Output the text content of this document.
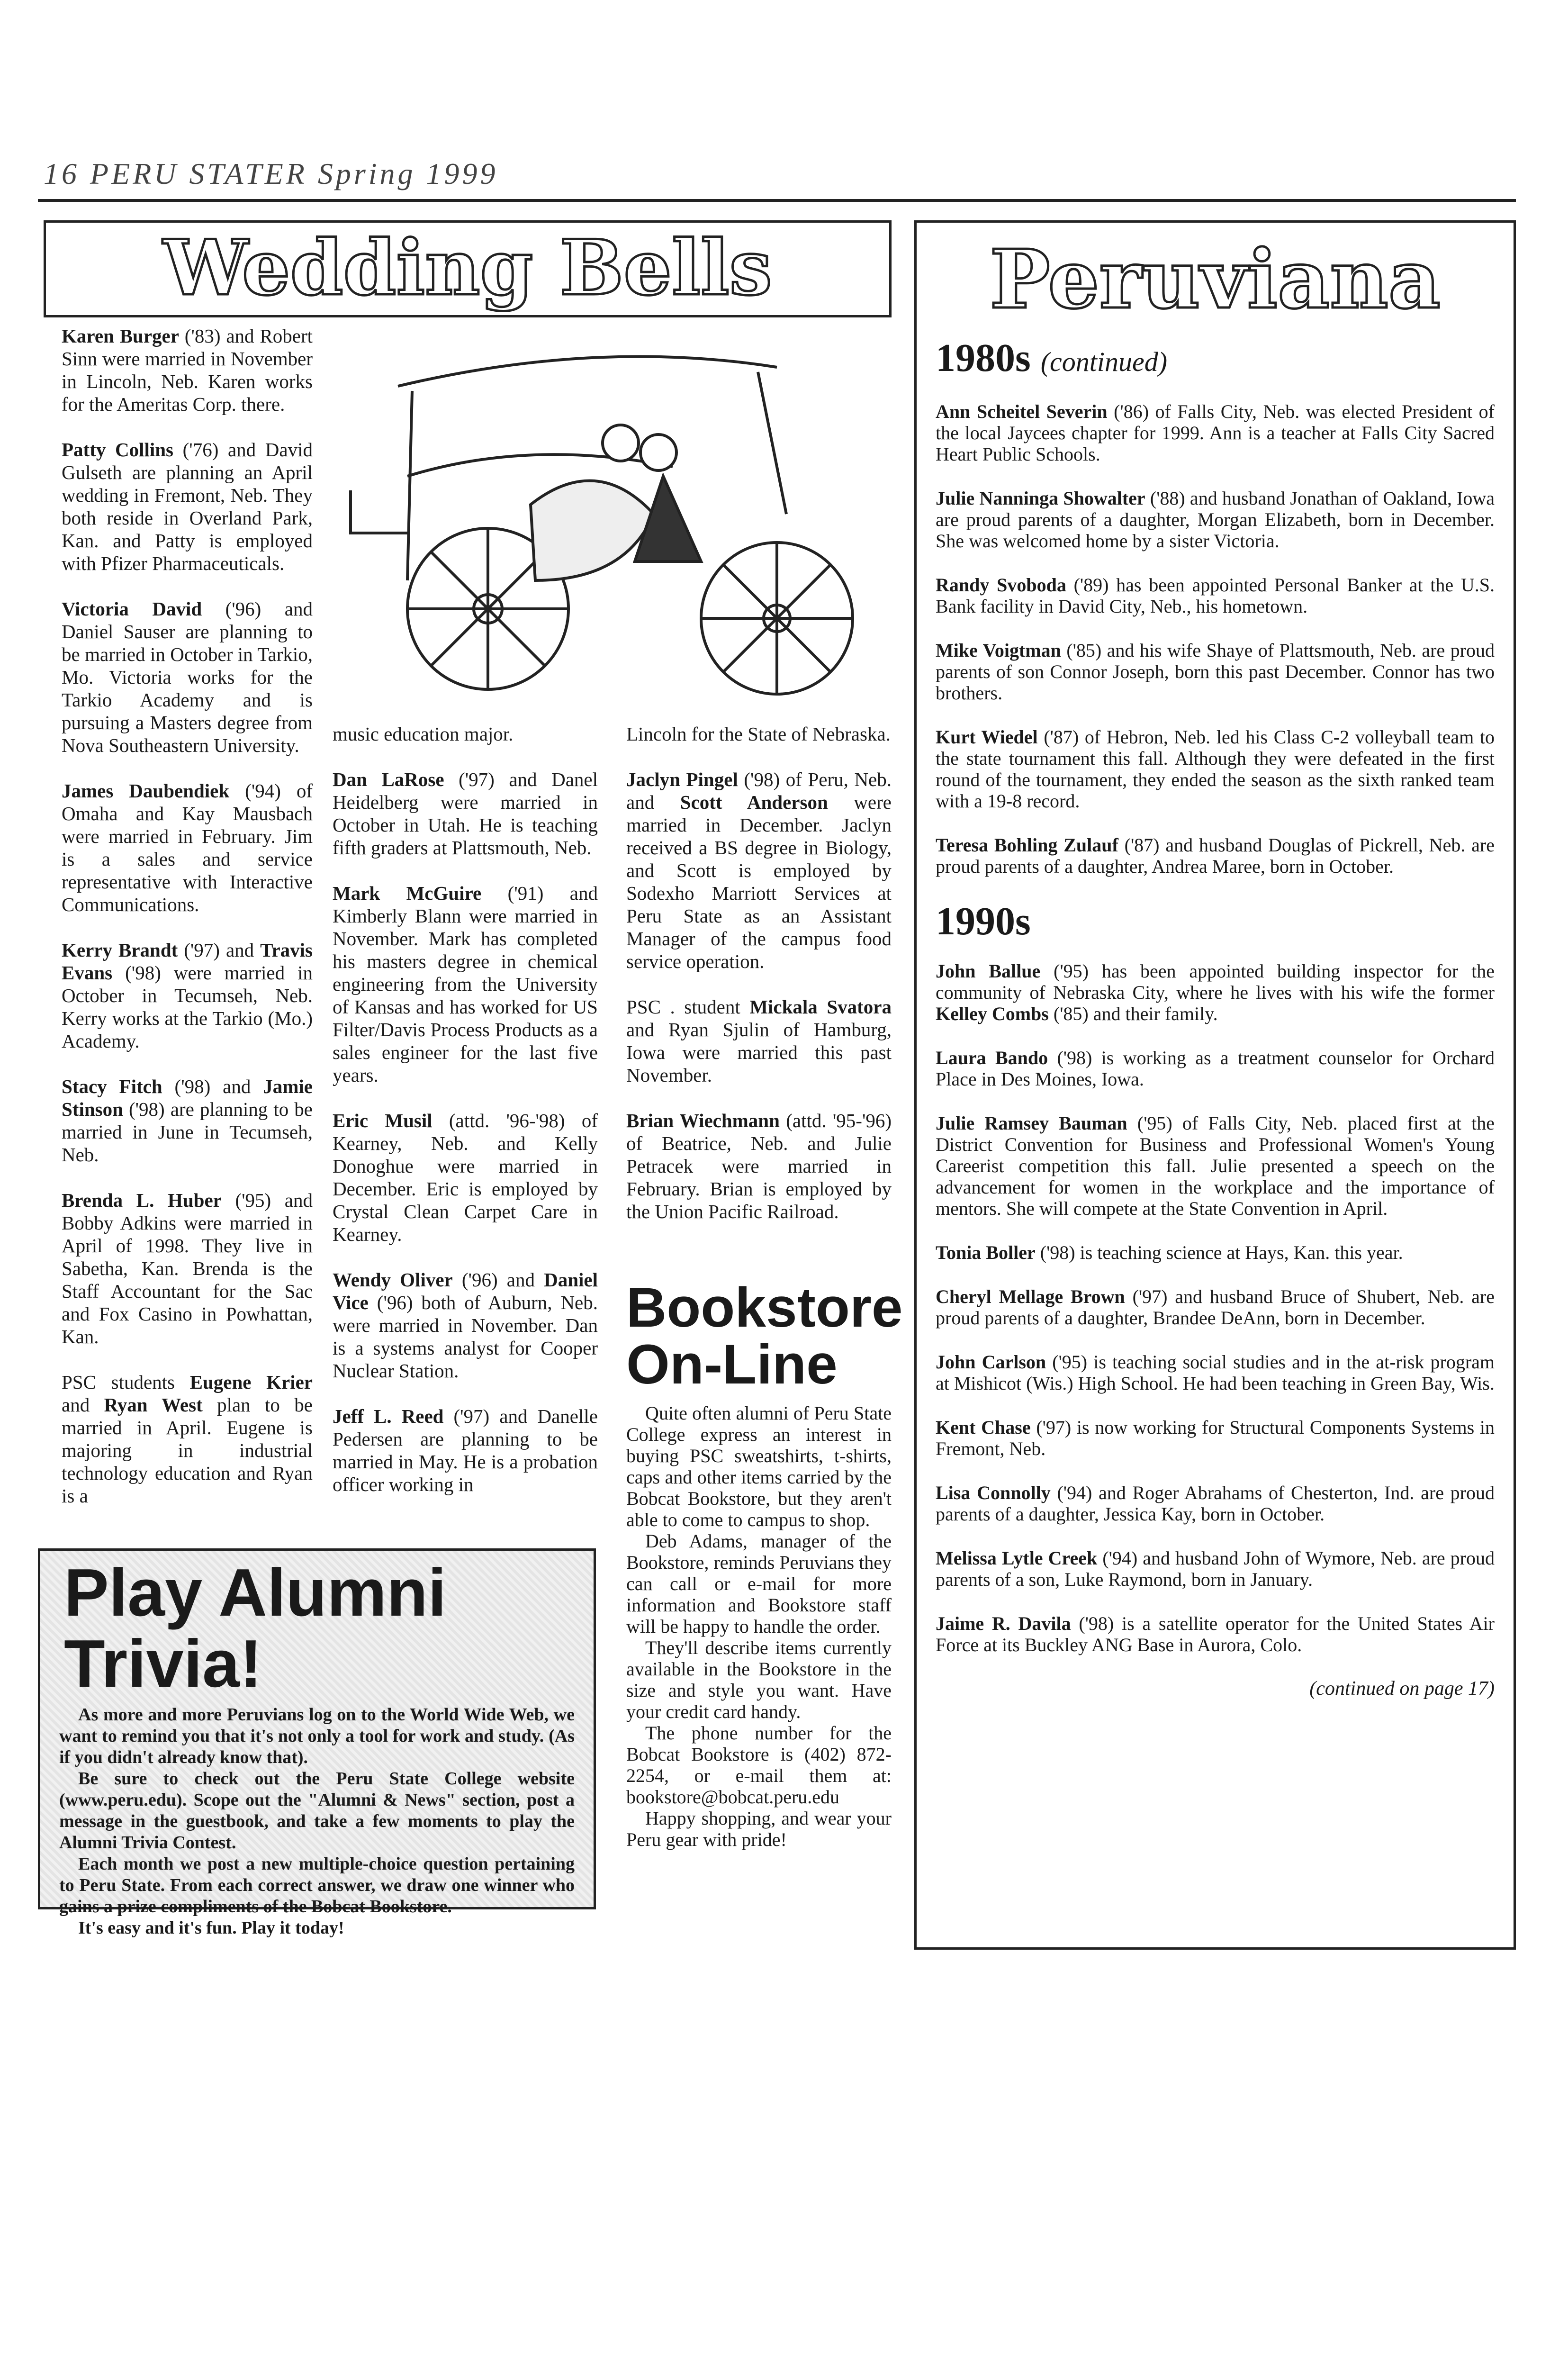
16 PERU STATER Spring 1999
Wedding Bells

Karen Burger ('83) and Robert Sinn were married in November in Lincoln, Neb. Karen works for the Ameritas Corp. there.

Patty Collins ('76) and David Gulseth are planning an April wedding in Fremont, Neb. They both reside in Overland Park, Kan. and Patty is employed with Pfizer Pharmaceuticals.

Victoria David ('96) and Daniel Sauser are planning to be married in October in Tarkio, Mo. Victoria works for the Tarkio Academy and is pursuing a Masters degree from Nova Southeastern University.

James Daubendiek ('94) of Omaha and Kay Mausbach were married in February. Jim is a sales and service representative with Interactive Communications.

Kerry Brandt ('97) and Travis Evans ('98) were married in October in Tecumseh, Neb. Kerry works at the Tarkio (Mo.) Academy.

Stacy Fitch ('98) and Jamie Stinson ('98) are planning to be married in June in Tecumseh, Neb.

Brenda L. Huber ('95) and Bobby Adkins were married in April of 1998. They live in Sabetha, Kan. Brenda is the Staff Accountant for the Sac and Fox Casino in Powhattan, Kan.

PSC students Eugene Krier and Ryan West plan to be married in April. Eugene is majoring in industrial technology education and Ryan is a

music education major.

Dan LaRose ('97) and Danel Heidelberg were married in October in Utah. He is teaching fifth graders at Plattsmouth, Neb.

Mark McGuire ('91) and Kimberly Blann were married in November. Mark has completed his masters degree in chemical engineering from the University of Kansas and has worked for US Filter/Davis Process Products as a sales engineer for the last five years.

Eric Musil (attd. '96-'98) of Kearney, Neb. and Kelly Donoghue were married in December. Eric is employed by Crystal Clean Carpet Care in Kearney.

Wendy Oliver ('96) and Daniel Vice ('96) both of Auburn, Neb. were married in November. Dan is a systems analyst for Cooper Nuclear Station.

Jeff L. Reed ('97) and Danelle Pedersen are planning to be married in May. He is a probation officer working in

Lincoln for the State of Nebraska.

Jaclyn Pingel ('98) of Peru, Neb. and Scott Anderson were married in December. Jaclyn received a BS degree in Biology, and Scott is employed by Sodexho Marriott Services at Peru State as an Assistant Manager of the campus food service operation.

PSC . student Mickala Svatora and Ryan Sjulin of Hamburg, Iowa were married this past November.

Brian Wiechmann (attd. '95-'96) of Beatrice, Neb. and Julie Petracek were married in February. Brian is employed by the Union Pacific Railroad.

Bookstore
On-Line

Quite often alumni of Peru State College express an interest in buying PSC sweatshirts, t-shirts, caps and other items carried by the Bobcat Bookstore, but they aren't able to come to campus to shop.

Deb Adams, manager of the Bookstore, reminds Peruvians they can call or e-mail for more information and Bookstore staff will be happy to handle the order.

They'll describe items currently available in the Bookstore in the size and style you want. Have your credit card handy.

The phone number for the Bobcat Bookstore is (402) 872-2254, or e-mail them at: bookstore@bobcat.peru.edu

Happy shopping, and wear your Peru gear with pride!

Play Alumni Trivia!

As more and more Peruvians log on to the World Wide Web, we want to remind you that it's not only a tool for work and study. (As if you didn't already know that).

Be sure to check out the Peru State College website (www.peru.edu). Scope out the "Alumni & News" section, post a message in the guestbook, and take a few moments to play the Alumni Trivia Contest.

Each month we post a new multiple-choice question pertaining to Peru State. From each correct answer, we draw one winner who gains a prize compliments of the Bobcat Bookstore.

It's easy and it's fun. Play it today!

Peruviana
1980s (continued)

Ann Scheitel Severin ('86) of Falls City, Neb. was elected President of the local Jaycees chapter for 1999. Ann is a teacher at Falls City Sacred Heart Public Schools.

Julie Nanninga Showalter ('88) and husband Jonathan of Oakland, Iowa are proud parents of a daughter, Morgan Elizabeth, born in December. She was welcomed home by a sister Victoria.

Randy Svoboda ('89) has been appointed Personal Banker at the U.S. Bank facility in David City, Neb., his hometown.

Mike Voigtman ('85) and his wife Shaye of Plattsmouth, Neb. are proud parents of son Connor Joseph, born this past December. Connor has two brothers.

Kurt Wiedel ('87) of Hebron, Neb. led his Class C-2 volleyball team to the state tournament this fall. Although they were defeated in the first round of the tournament, they ended the season as the sixth ranked team with a 19-8 record.

Teresa Bohling Zulauf ('87) and husband Douglas of Pickrell, Neb. are proud parents of a daughter, Andrea Maree, born in October.

1990s

John Ballue ('95) has been appointed building inspector for the community of Nebraska City, where he lives with his wife the former Kelley Combs ('85) and their family.

Laura Bando ('98) is working as a treatment counselor for Orchard Place in Des Moines, Iowa.

Julie Ramsey Bauman ('95) of Falls City, Neb. placed first at the District Convention for Business and Professional Women's Young Careerist competition this fall. Julie presented a speech on the advancement for women in the workplace and the importance of mentors. She will compete at the State Convention in April.

Tonia Boller ('98) is teaching science at Hays, Kan. this year.

Cheryl Mellage Brown ('97) and husband Bruce of Shubert, Neb. are proud parents of a daughter, Brandee DeAnn, born in December.

John Carlson ('95) is teaching social studies and in the at-risk program at Mishicot (Wis.) High School. He had been teaching in Green Bay, Wis.

Kent Chase ('97) is now working for Structural Components Systems in Fremont, Neb.

Lisa Connolly ('94) and Roger Abrahams of Chesterton, Ind. are proud parents of a daughter, Jessica Kay, born in October.

Melissa Lytle Creek ('94) and husband John of Wymore, Neb. are proud parents of a son, Luke Raymond, born in January.

Jaime R. Davila ('98) is a satellite operator for the United States Air Force at its Buckley ANG Base in Aurora, Colo.

(continued on page 17)
